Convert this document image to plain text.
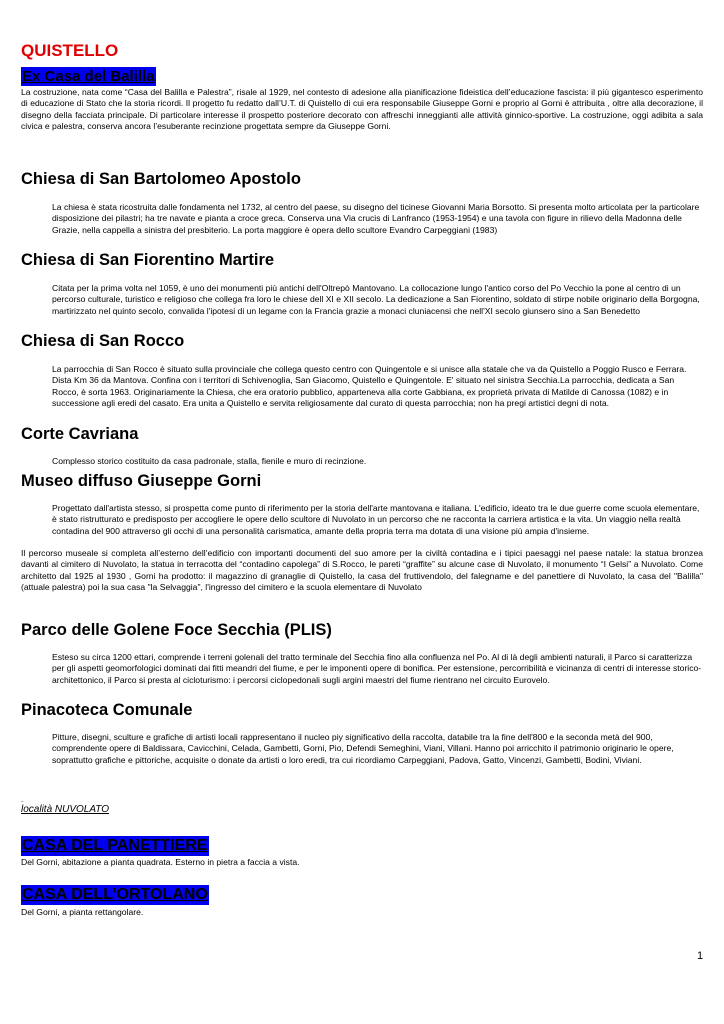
QUISTELLO
Ex Casa del Balilla
La costruzione, nata come “Casa del Balilla e Palestra”, risale al 1929, nel contesto di adesione alla pianificazione fideistica dell’educazione fascista: il più gigantesco esperimento di educazione di Stato che la storia ricordi. Il progetto fu redatto dall’U.T. di Quistello di cui era responsabile Giuseppe Gorni e proprio al Gorni è attribuita , oltre alla decorazione, il disegno della facciata principale. Di particolare interesse il prospetto posteriore decorato con affreschi inneggianti alle attività ginnico-sportive. La costruzione, oggi adibita a sala civica e palestra, conserva ancora l’esuberante recinzione progettata sempre da Giuseppe Gorni.
Chiesa di San Bartolomeo Apostolo
La chiesa è stata ricostruita dalle fondamenta nel 1732, al centro del paese, su disegno del ticinese Giovanni Maria Borsotto. Si presenta molto articolata per la particolare disposizione dei pilastri; ha tre navate e pianta a croce greca. Conserva una Via crucis di Lanfranco (1953-1954) e una tavola con figure in rilievo della Madonna delle Grazie, nella cappella a sinistra del presbiterio. La porta maggiore è opera dello scultore Evandro Carpeggiani (1983)
Chiesa di San Fiorentino Martire
Citata per la prima volta nel 1059, è uno dei monumenti più antichi dell'Oltrepò Mantovano. La collocazione lungo l'antico corso del Po Vecchio la pone al centro di un percorso culturale, turistico e religioso che collega fra loro le chiese dell XI e XII secolo. La dedicazione a San Fiorentino, soldato di stirpe nobile originario della Borgogna, martirizzato nel quinto secolo, convalida l'ipotesi di un legame con la Francia grazie a monaci cluniacensi che nell'XI secolo giunsero sino a San Benedetto
Chiesa di San Rocco
La parrocchia di San Rocco è situato sulla provinciale che collega questo centro con Quingentole e si unisce alla statale che va da Quistello a Poggio Rusco e Ferrara. Dista Km 36 da Mantova. Confina con i territori di Schivenoglia, San Giacomo, Quistello e Quingentole. E' situato nel sinistra Secchia.La parrocchia, dedicata a San Rocco, è sorta 1963. Originariamente la Chiesa, che era oratorio pubblico, apparteneva alla corte Gabbiana, ex proprietà privata di Matilde di Canossa (1082) e in successione agli eredi del casato. Era unita a Quistello e servita religiosamente dal curato di questa parrocchia; non ha pregi artistici degni di nota.
Corte Cavriana
Complesso storico costituito da casa padronale, stalla, fienile e muro di recinzione.
Museo diffuso Giuseppe Gorni
Progettato dall'artista stesso, si prospetta come punto di riferimento per la storia dell'arte mantovana e italiana. L'edificio, ideato tra le due guerre come scuola elementare, è stato ristrutturato e predisposto per accogliere le opere dello scultore di Nuvolato in un percorso che ne racconta la carriera artistica e la vita. Un viaggio nella realtà contadina del 900 attraverso gli occhi di una personalità carismatica, amante della propria terra ma dotata di una visione più ampia d'insieme.
Il percorso museale si completa all’esterno dell’edificio con importanti documenti del suo amore per la civiltà contadina e i tipici paesaggi nel paese natale: la statua bronzea davanti al cimitero di Nuvolato, la statua in terracotta del “contadino capolega” di S.Rocco, le pareti “graffite” su alcune case di Nuvolato, il monumento “I Gelsi” a Nuvolato. Come architetto dal 1925 al 1930 , Gorni ha prodotto: il magazzino di granaglie di Quistello, la casa del fruttivendolo, del falegname e del panettiere di Nuvolato, la casa del "Balilla" (attuale palestra) poi la sua casa "la Selvaggia", l'ingresso del cimitero e la scuola elementare di Nuvolato
Parco delle Golene Foce Secchia (PLIS)
Esteso su circa 1200 ettari, comprende i terreni golenali del tratto terminale del Secchia fino alla confluenza nel Po. Al di là degli ambienti naturali, il Parco si caratterizza per gli aspetti geomorfologici dominati dai fitti meandri del fiume, e per le imponenti opere di bonifica. Per estensione, percorribilità e vicinanza di centri di interesse storico-architettonico, il Parco si presta al cicloturismo: i percorsi ciclopedonali sugli argini maestri del fiume rientrano nel circuito Eurovelo.
Pinacoteca Comunale
Pitture, disegni, sculture e grafiche di artisti locali rappresentano il nucleo piy significativo della raccolta, databile tra la fine dell'800 e la seconda metà del 900, comprendente opere di Baldissara, Cavicchini, Celada, Gambetti, Gorni, Pio, Defendi Semeghini, Viani, Villani. Hanno poi arricchito il patrimonio originario le opere, soprattutto grafiche e pittoriche, acquisite o donate da artisti o loro eredi, tra cui ricordiamo Carpeggiani, Padova, Gatto, Vincenzi, Gambetti, Bodini, Viviani.
.
località NUVOLATO
CASA DEL PANETTIERE
Del Gorni, abitazione a pianta quadrata. Esterno in pietra a faccia a vista.
CASA DELL’ORTOLANO
Del Gorni, a pianta rettangolare.
1
